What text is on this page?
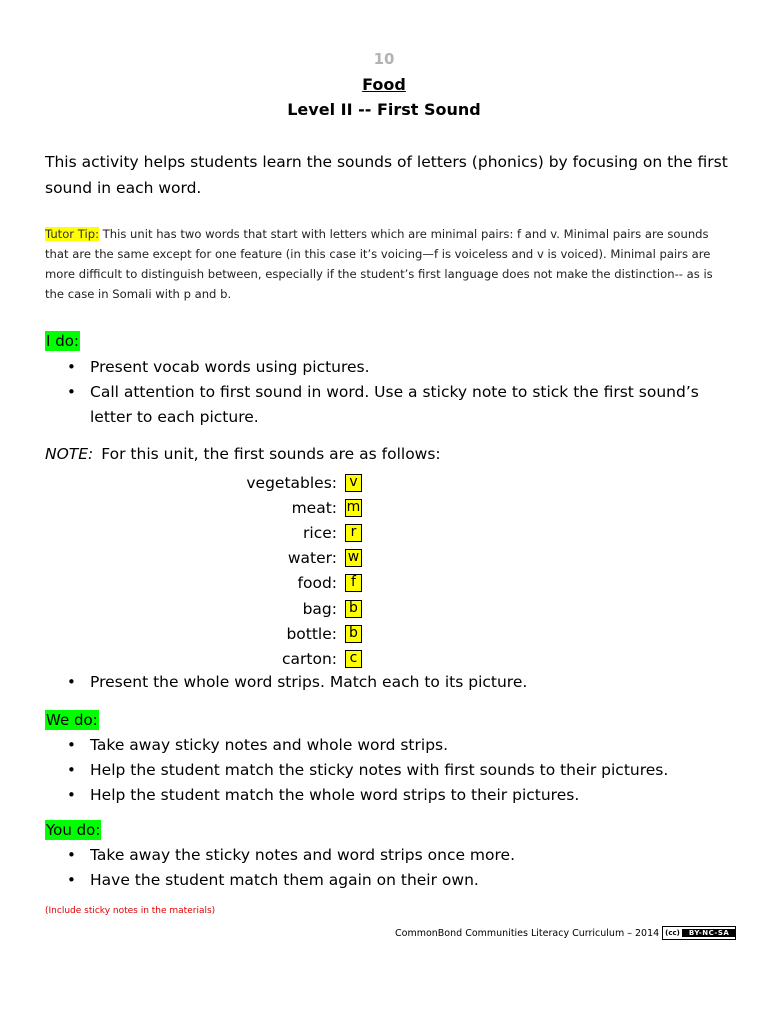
10
Food
Level II -- First Sound
This activity helps students learn the sounds of letters (phonics) by focusing on the first sound in each word.
Tutor Tip: This unit has two words that start with letters which are minimal pairs: f and v. Minimal pairs are sounds that are the same except for one feature (in this case it’s voicing—f is voiceless and v is voiced). Minimal pairs are more difficult to distinguish between, especially if the student’s first language does not make the distinction-- as is the case in Somali with p and b.
I do:
• Present vocab words using pictures.
• Call attention to first sound in word. Use a sticky note to stick the first sound’s letter to each picture.
NOTE: For this unit, the first sounds are as follows:
vegetables: v
meat: m
rice: r
water: w
food:	f
bag: b
bottle: b
carton: c
• Present the whole word strips. Match each to its picture.
We do:
• Take away sticky notes and whole word strips.
• Help the student match the sticky notes with first sounds to their pictures.
• Help the student match the whole word strips to their pictures.
You do:
• Take away the sticky notes and word strips once more.
• Have the student match them again on their own.
(Include sticky notes in the materials)
CommonBond Communities Literacy Curriculum – 2014 (cc)	BY-NC-SA
